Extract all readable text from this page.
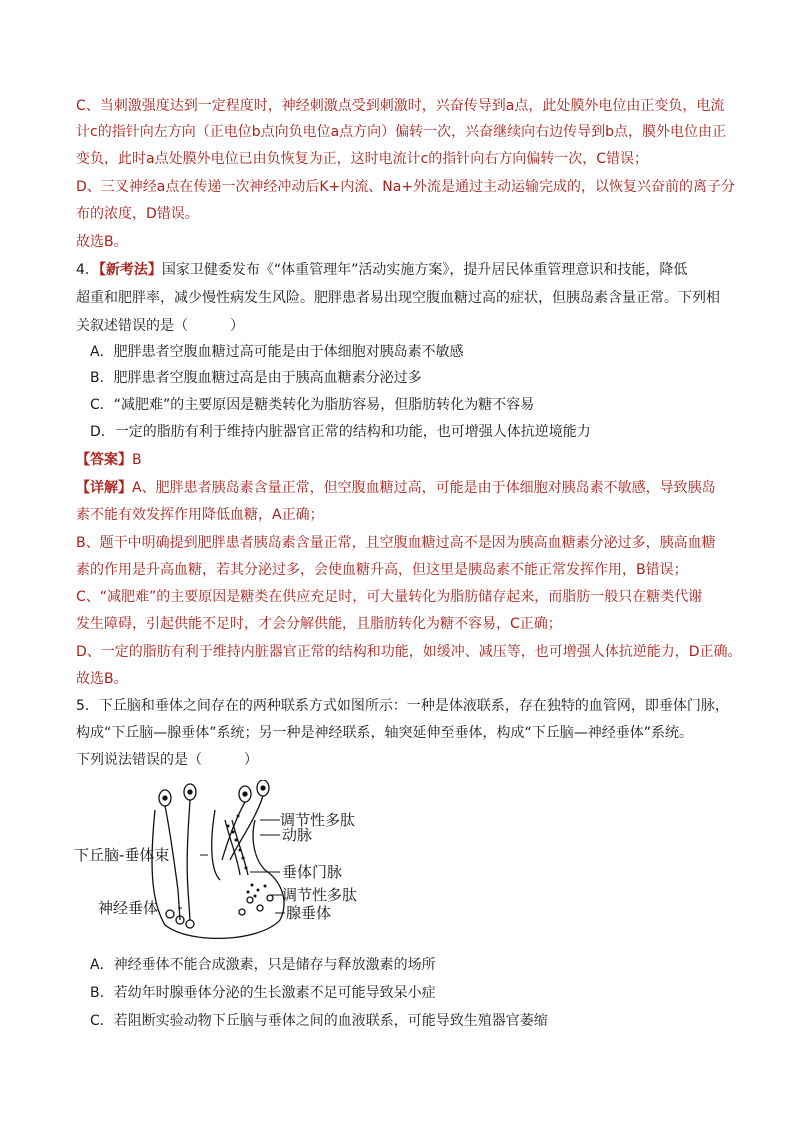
C、当刺激强度达到一定程度时，神经刺激点受到刺激时，兴奋传导到a点，此处膜外电位由正变负，电流
计c的指针向左方向（正电位b点向负电位a点方向）偏转一次，兴奋继续向右边传导到b点，膜外电位由正
变负，此时a点处膜外电位已由负恢复为正，这时电流计c的指针向右方向偏转一次，C错误；
D、三叉神经a点在传递一次神经冲动后K+内流、Na+外流是通过主动运输完成的，以恢复兴奋前的离子分
布的浓度，D错误。
故选B。
4．【新考法】国家卫健委发布《“体重管理年”活动实施方案》，提升居民体重管理意识和技能，降低
超重和肥胖率，减少慢性病发生风险。肥胖患者易出现空腹血糖过高的症状，但胰岛素含量正常。下列相
关叙述错误的是（　　　）
A．肥胖患者空腹血糖过高可能是由于体细胞对胰岛素不敏感
B．肥胖患者空腹血糖过高是由于胰高血糖素分泌过多
C．“减肥难”的主要原因是糖类转化为脂肪容易，但脂肪转化为糖不容易
D．一定的脂肪有利于维持内脏器官正常的结构和功能，也可增强人体抗逆境能力
【答案】B
【详解】A、肥胖患者胰岛素含量正常，但空腹血糖过高，可能是由于体细胞对胰岛素不敏感，导致胰岛
素不能有效发挥作用降低血糖，A正确；
B、题干中明确提到肥胖患者胰岛素含量正常，且空腹血糖过高不是因为胰高血糖素分泌过多，胰高血糖
素的作用是升高血糖，若其分泌过多，会使血糖升高，但这里是胰岛素不能正常发挥作用，B错误；
C、“减肥难”的主要原因是糖类在供应充足时，可大量转化为脂肪储存起来，而脂肪一般只在糖类代谢
发生障碍，引起供能不足时，才会分解供能，且脂肪转化为糖不容易，C正确；
D、一定的脂肪有利于维持内脏器官正常的结构和功能，如缓冲、减压等，也可增强人体抗逆能力，D正确。
故选B。
5．下丘脑和垂体之间存在的两种联系方式如图所示：一种是体液联系，存在独特的血管网，即垂体门脉，
构成“下丘脑—腺垂体”系统；另一种是神经联系，轴突延伸至垂体，构成“下丘脑—神经垂体”系统。
下列说法错误的是（　　　）
下丘脑-垂体束
神经垂体
调节性多肽
动脉
垂体门脉
调节性多肽
腺垂体
A．神经垂体不能合成激素，只是储存与释放激素的场所
B．若幼年时腺垂体分泌的生长激素不足可能导致呆小症
C．若阻断实验动物下丘脑与垂体之间的血液联系，可能导致生殖器官萎缩
